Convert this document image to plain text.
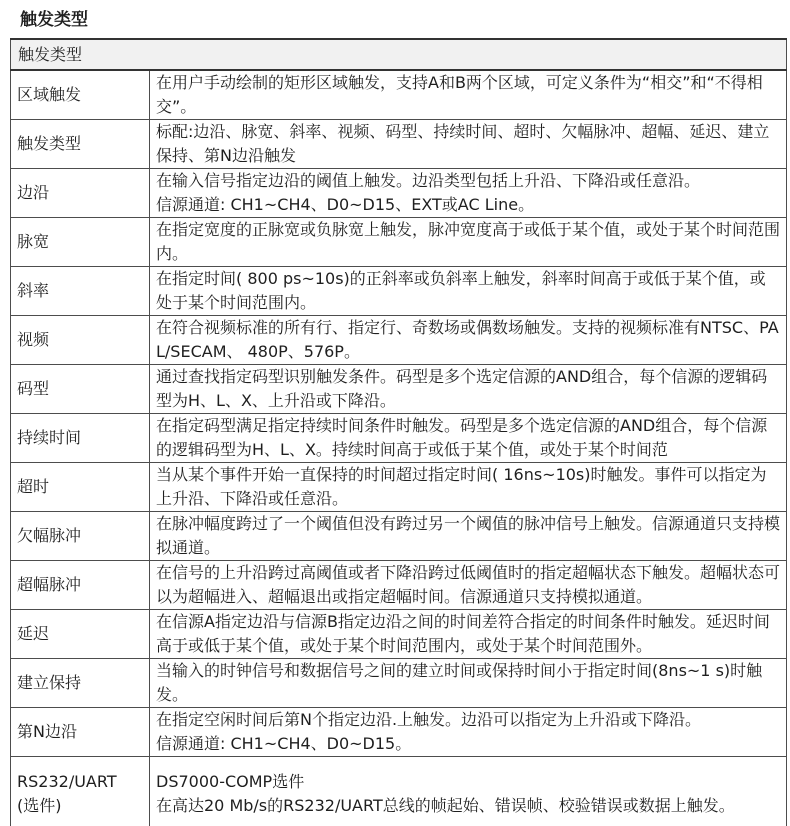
触发类型
触发类型	
区域触发	在用户手动绘制的矩形区域触发，支持A和B两个区域，可定义条件为“相交”和“不得相交”。
触发类型	标配:边沿、脉宽、斜率、视频、码型、持续时间、超时、欠幅脉冲、超幅、延迟、建立保持、第N边沿触发
边沿	在输入信号指定边沿的阈值上触发。边沿类型包括上升沿、下降沿或任意沿。
信源通道: CH1~CH4、D0~D15、EXT或AC Line。
脉宽	在指定宽度的正脉宽或负脉宽上触发，脉冲宽度高于或低于某个值，或处于某个时间范围内。
斜率	在指定时间( 800 ps~10s)的正斜率或负斜率上触发，斜率时间高于或低于某个值，或处于某个时间范围内。
视频	在符合视频标准的所有行、指定行、奇数场或偶数场触发。支持的视频标准有NTSC、PAL/SECAM、 480P、576P。
码型	通过查找指定码型识别触发条件。码型是多个选定信源的AND组合，每个信源的逻辑码型为H、L、X、上升沿或下降沿。
持续时间	在指定码型满足指定持续时间条件时触发。码型是多个选定信源的AND组合，每个信源的逻辑码型为H、L、X。持续时间高于或低于某个值，或处于某个时间范
超时	当从某个事件开始一直保持的时间超过指定时间( 16ns~10s)时触发。事件可以指定为上升沿、下降沿或任意沿。
欠幅脉冲	在脉冲幅度跨过了一个阈值但没有跨过另一个阈值的脉冲信号上触发。信源通道只支持模拟通道。
超幅脉冲	在信号的上升沿跨过高阈值或者下降沿跨过低阈值时的指定超幅状态下触发。超幅状态可以为超幅进入、超幅退出或指定超幅时间。信源通道只支持模拟通道。
延迟	在信源A指定边沿与信源B指定边沿之间的时间差符合指定的时间条件时触发。延迟时间高于或低于某个值，或处于某个时间范围内，或处于某个时间范围外。
建立保持	当输入的时钟信号和数据信号之间的建立时间或保持时间小于指定时间(8ns~1 s)时触发。
第N边沿	在指定空闲时间后第N个指定边沿.上触发。边沿可以指定为上升沿或下降沿。
信源通道: CH1~CH4、D0~D15。
RS232/UART (选件)	DS7000-COMP选件
在高达20 Mb/s的RS232/UART总线的帧起始、错误帧、校验错误或数据上触发。
